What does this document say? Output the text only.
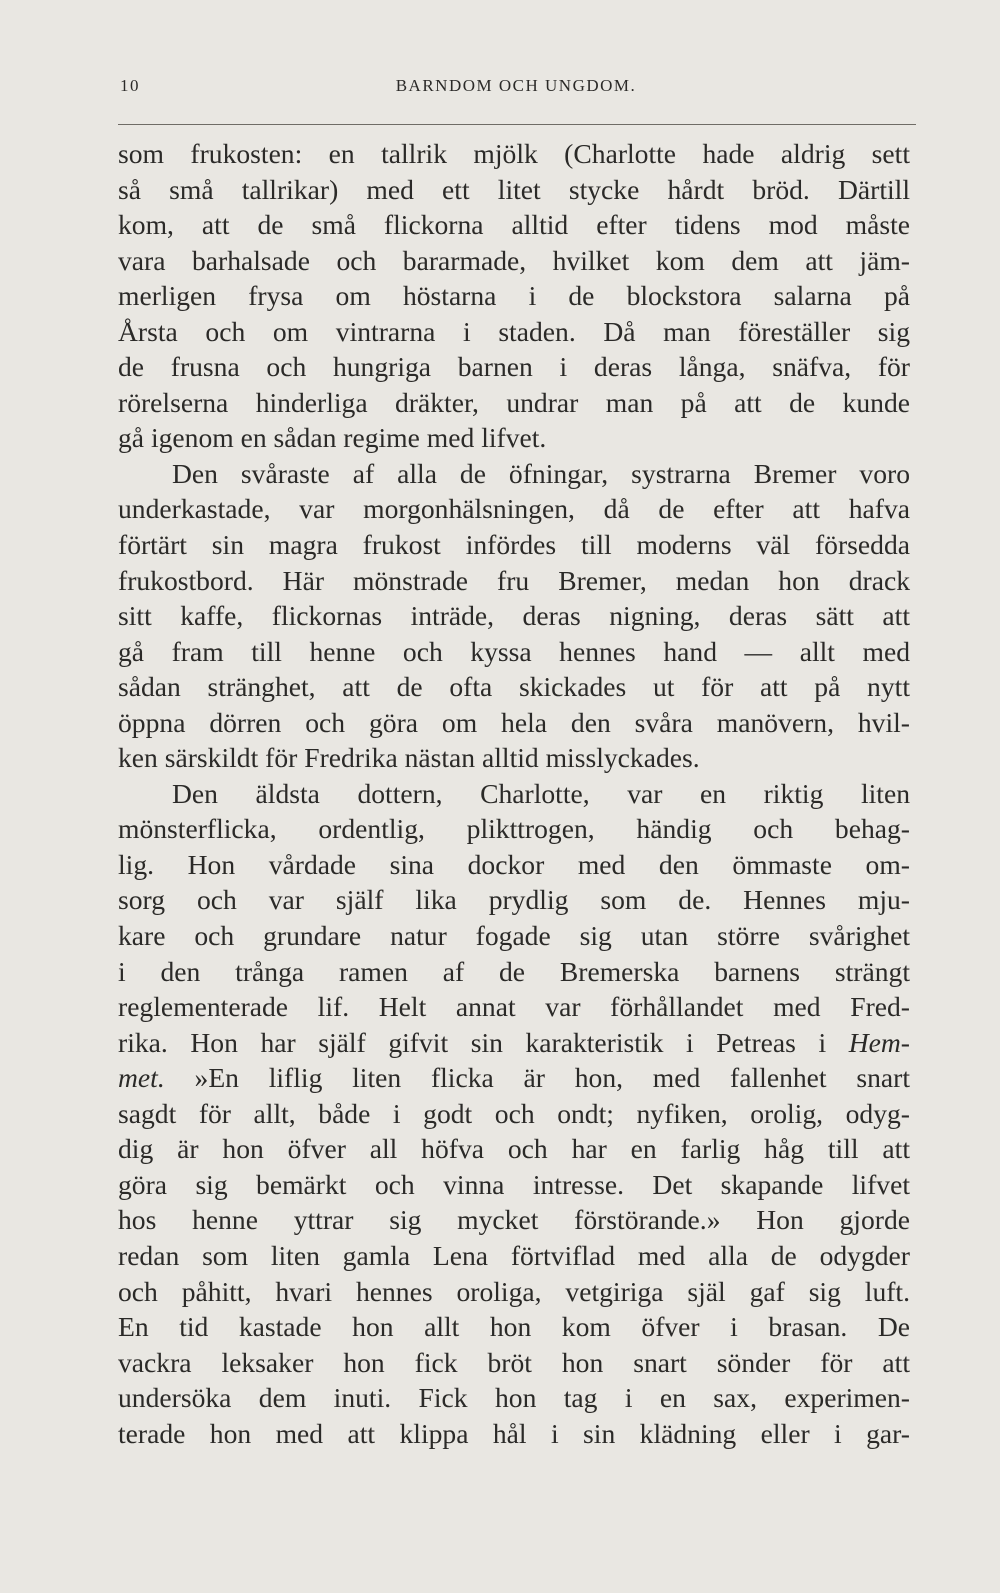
10	BARNDOM OCH UNGDOM.
som frukosten: en tallrik mjölk (Charlotte hade aldrig sett
så små tallrikar) med ett litet stycke hårdt bröd. Därtill
kom, att de små flickorna alltid efter tidens mod måste
vara barhalsade och bararmade, hvilket kom dem att jäm-
merligen frysa om höstarna i de blockstora salarna på
Årsta och om vintrarna i staden. Då man föreställer sig
de frusna och hungriga barnen i deras långa, snäfva, för
rörelserna hinderliga dräkter, undrar man på att de kunde
gå igenom en sådan regime med lifvet.
Den svåraste af alla de öfningar, systrarna Bremer voro
underkastade, var morgonhälsningen, då de efter att hafva
förtärt sin magra frukost infördes till moderns väl försedda
frukostbord. Här mönstrade fru Bremer, medan hon drack
sitt kaffe, flickornas inträde, deras nigning, deras sätt att
gå fram till henne och kyssa hennes hand — allt med
sådan stränghet, att de ofta skickades ut för att på nytt
öppna dörren och göra om hela den svåra manövern, hvil-
ken särskildt för Fredrika nästan alltid misslyckades.
Den äldsta dottern, Charlotte, var en riktig liten
mönsterflicka, ordentlig, plikttrogen, händig och behag-
lig. Hon vårdade sina dockor med den ömmaste om-
sorg och var själf lika prydlig som de. Hennes mju-
kare och grundare natur fogade sig utan större svårighet
i den trånga ramen af de Bremerska barnens strängt
reglementerade lif. Helt annat var förhållandet med Fred-
rika. Hon har själf gifvit sin karakteristik i Petreas i Hem-
met. »En liflig liten flicka är hon, med fallenhet snart
sagdt för allt, både i godt och ondt; nyfiken, orolig, odyg-
dig är hon öfver all höfva och har en farlig håg till att
göra sig bemärkt och vinna intresse. Det skapande lifvet
hos henne yttrar sig mycket förstörande.» Hon gjorde
redan som liten gamla Lena förtviflad med alla de odygder
och påhitt, hvari hennes oroliga, vetgiriga själ gaf sig luft.
En tid kastade hon allt hon kom öfver i brasan. De
vackra leksaker hon fick bröt hon snart sönder för att
undersöka dem inuti. Fick hon tag i en sax, experimen-
terade hon med att klippa hål i sin klädning eller i gar-
